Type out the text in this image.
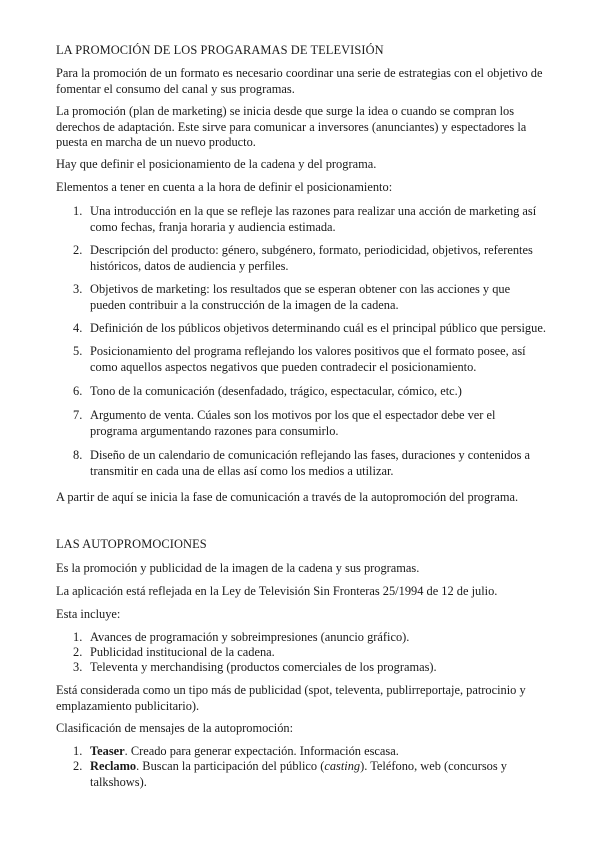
LA PROMOCIÓN DE LOS PROGARAMAS DE TELEVISIÓN

Para la promoción de un formato es necesario coordinar una serie de estrategias con el objetivo de fomentar el consumo del canal y sus programas.

La promoción (plan de marketing) se inicia desde que surge la idea o cuando se compran los derechos de adaptación. Este sirve para comunicar a inversores (anunciantes) y espectadores la puesta en marcha de un nuevo producto.

Hay que definir el posicionamiento de la cadena y del programa.

Elementos a tener en cuenta a la hora de definir el posicionamiento:

1. Una introducción en la que se refleje las razones para realizar una acción de marketing así como fechas, franja horaria y audiencia estimada.
2. Descripción del producto: género, subgénero, formato, periodicidad, objetivos, referentes históricos, datos de audiencia y perfiles.
3. Objetivos de marketing: los resultados que se esperan obtener con las acciones y que pueden contribuir a la construcción de la imagen de la cadena.
4. Definición de los públicos objetivos determinando cuál es el principal público que persigue.
5. Posicionamiento del programa reflejando los valores positivos que el formato posee, así como aquellos aspectos negativos que pueden contradecir el posicionamiento.
6. Tono de la comunicación (desenfadado, trágico, espectacular, cómico, etc.)
7. Argumento de venta. Cúales son los motivos por los que el espectador debe ver el programa argumentando razones para consumirlo.
8. Diseño de un calendario de comunicación reflejando las fases, duraciones y contenidos a transmitir en cada una de ellas así como los medios a utilizar.

A partir de aquí se inicia la fase de comunicación a través de la autopromoción del programa.

LAS AUTOPROMOCIONES

Es la promoción y publicidad de la imagen de la cadena y sus programas.

La aplicación está reflejada en la Ley de Televisión Sin Fronteras 25/1994 de 12 de julio.

Esta incluye:

1. Avances de programación y sobreimpresiones (anuncio gráfico).
2. Publicidad institucional de la cadena.
3. Televenta y merchandising (productos comerciales de los programas).

Está considerada como un tipo más de publicidad (spot, televenta, publirreportaje, patrocinio y emplazamiento publicitario).

Clasificación de mensajes de la autopromoción:

1. Teaser. Creado para generar expectación. Información escasa.
2. Reclamo. Buscan la participación del público (casting). Teléfono, web (concursos y talkshows).
